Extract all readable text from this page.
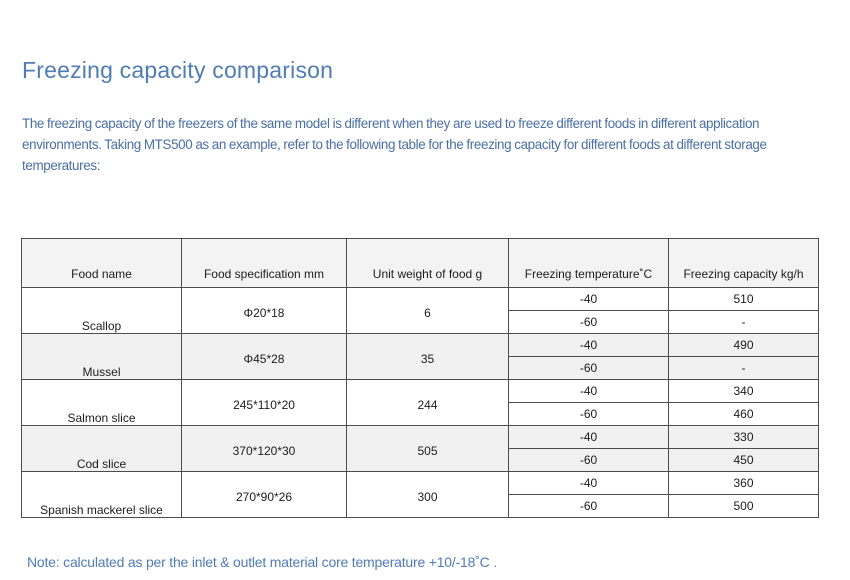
Freezing capacity comparison

The freezing capacity of the freezers of the same model is different when they are used to freeze different foods in different application environments. Taking MTS500 as an example, refer to the following table for the freezing capacity for different foods at different storage temperatures:

Food name	Food specification mm	Unit weight of food g	Freezing temperature˚C	Freezing capacity kg/h
Scallop	Φ20*18	6	-40	510
			-60	-
Mussel	Φ45*28	35	-40	490
			-60	-
Salmon slice	245*110*20	244	-40	340
			-60	460
Cod slice	370*120*30	505	-40	330
			-60	450
Spanish mackerel slice	270*90*26	300	-40	360
			-60	500

Note: calculated as per the inlet & outlet material core temperature +10/-18˚C .
